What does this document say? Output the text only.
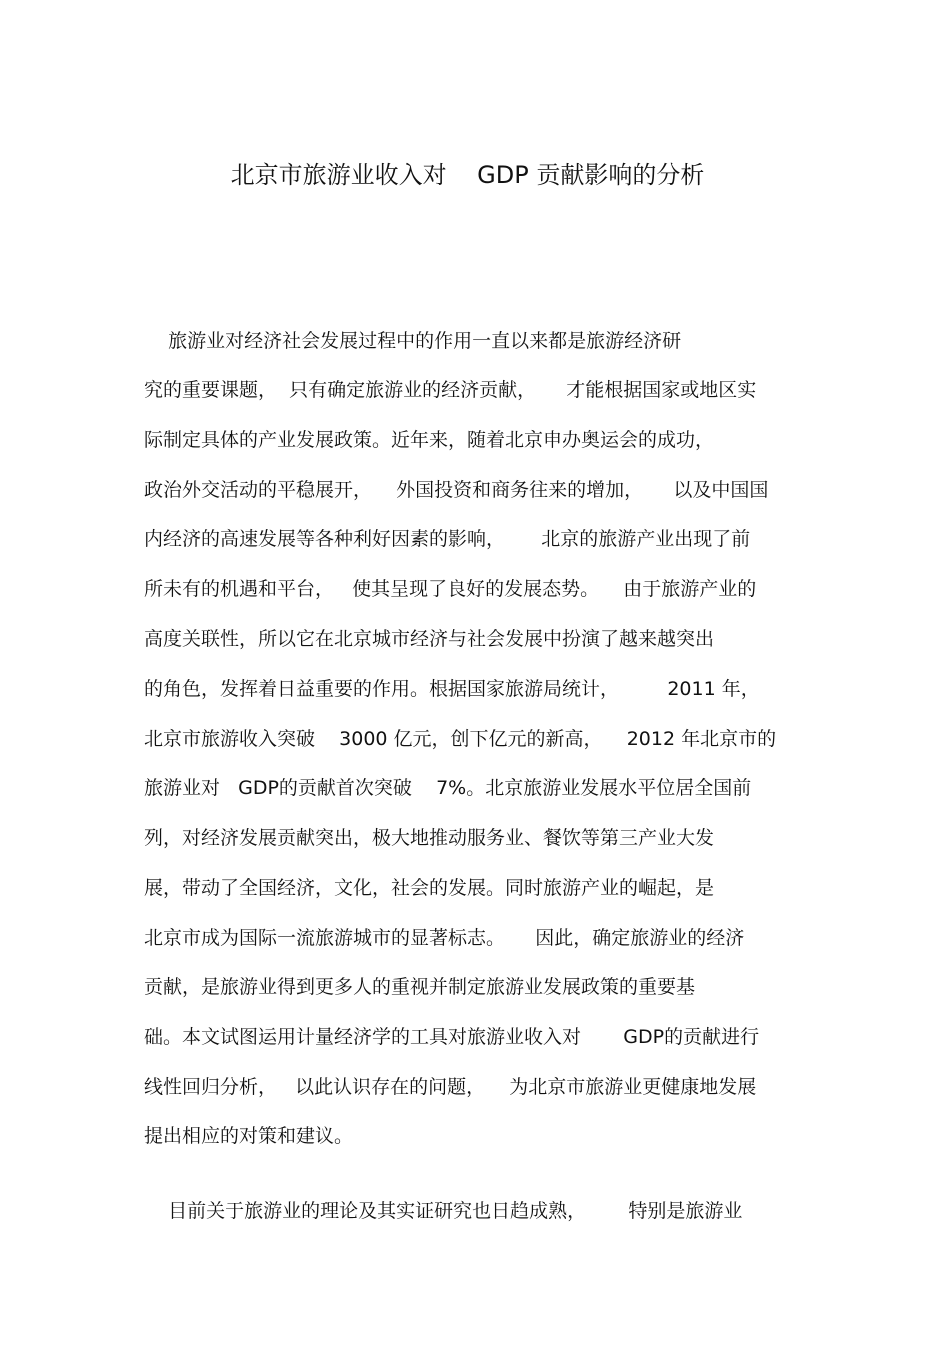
北京市旅游业收入对    GDP 贡献影响的分析
旅游业对经济社会发展过程中的作用一直以来都是旅游经济研
究的重要课题，  只有确定旅游业的经济贡献，     才能根据国家或地区实
际制定具体的产业发展政策。近年来，随着北京申办奥运会的成功，
政治外交活动的平稳展开，    外国投资和商务往来的增加，     以及中国国
内经济的高速发展等各种利好因素的影响，      北京的旅游产业出现了前
所未有的机遇和平台，   使其呈现了良好的发展态势。    由于旅游产业的
高度关联性，所以它在北京城市经济与社会发展中扮演了越来越突出
的角色，发挥着日益重要的作用。根据国家旅游局统计，        2011 年，
北京市旅游收入突破    3000 亿元，创下亿元的新高，    2012 年北京市的
旅游业对   GDP的贡献首次突破    7%。北京旅游业发展水平位居全国前
列，对经济发展贡献突出，极大地推动服务业、餐饮等第三产业大发
展，带动了全国经济，文化，社会的发展。同时旅游产业的崛起，是
北京市成为国际一流旅游城市的显著标志。     因此，确定旅游业的经济
贡献，是旅游业得到更多人的重视并制定旅游业发展政策的重要基
础。本文试图运用计量经济学的工具对旅游业收入对       GDP的贡献进行
线性回归分析，   以此认识存在的问题，    为北京市旅游业更健康地发展
提出相应的对策和建议。
目前关于旅游业的理论及其实证研究也日趋成熟，       特别是旅游业
